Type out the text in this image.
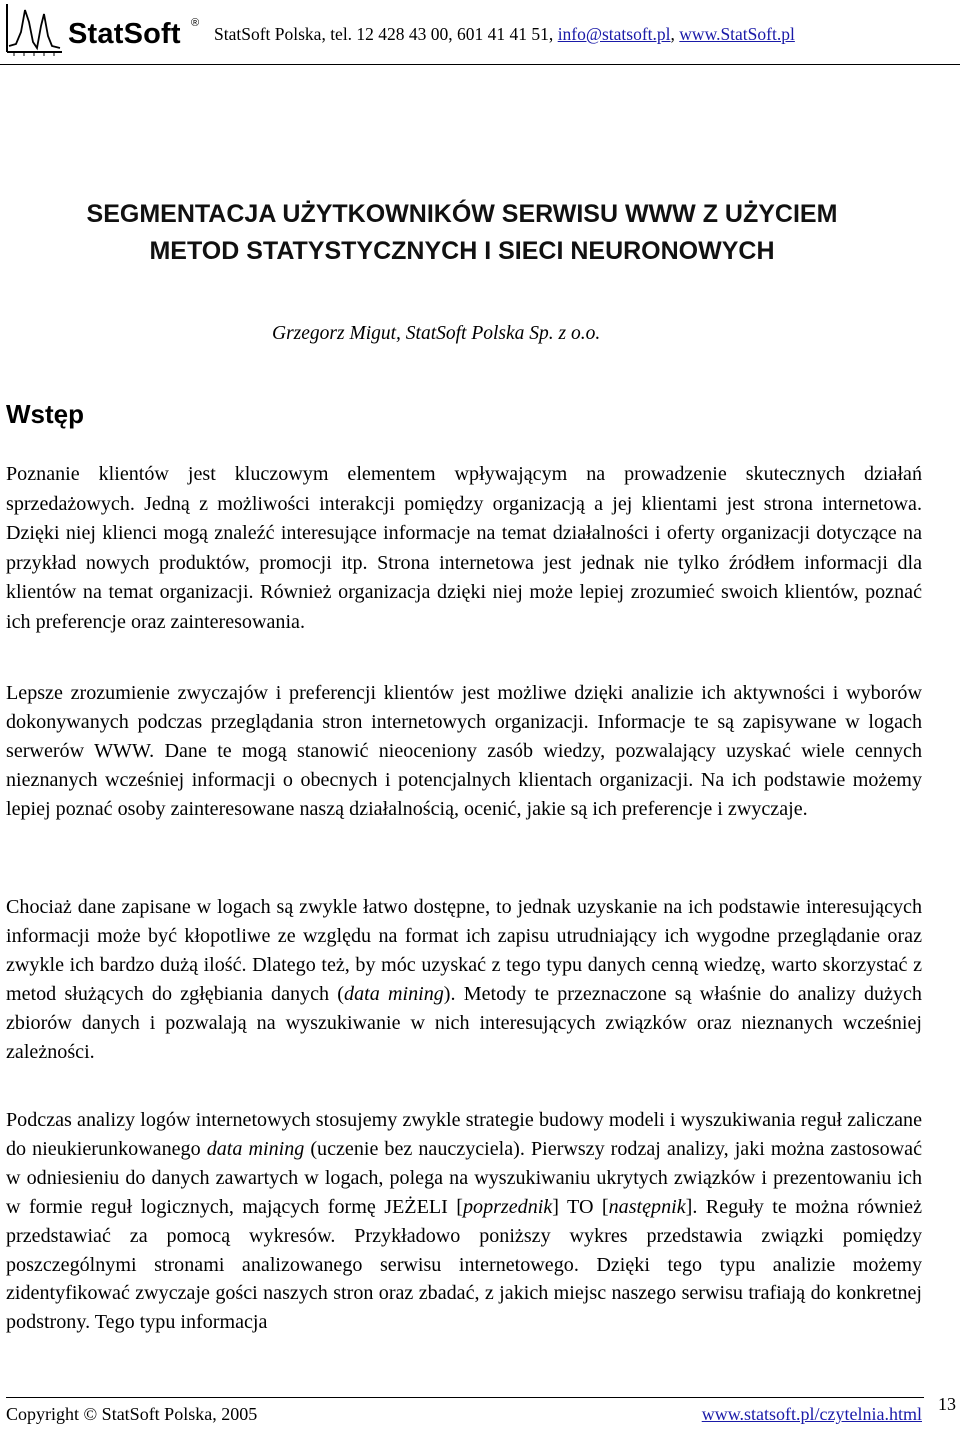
StatSoft ®
StatSoft Polska, tel. 12 428 43 00, 601 41 41 51, info@statsoft.pl, www.StatSoft.pl
SEGMENTACJA UŻYTKOWNIKÓW SERWISU WWW Z UŻYCIEM
METOD STATYSTYCZNYCH I SIECI NEURONOWYCH
Grzegorz Migut, StatSoft Polska Sp. z o.o.
Wstęp
Poznanie klientów jest kluczowym elementem wpływającym na prowadzenie skutecznych działań sprzedażowych. Jedną z możliwości interakcji pomiędzy organizacją a jej klientami jest strona internetowa. Dzięki niej klienci mogą znaleźć interesujące informacje na temat działalności i oferty organizacji dotyczące na przykład nowych produktów, promocji itp. Strona internetowa jest jednak nie tylko źródłem informacji dla klientów na temat organizacji. Również organizacja dzięki niej może lepiej zrozumieć swoich klientów, poznać ich preferencje oraz zainteresowania.
Lepsze zrozumienie zwyczajów i preferencji klientów jest możliwe dzięki analizie ich aktywności i wyborów dokonywanych podczas przeglądania stron internetowych organizacji. Informacje te są zapisywane w logach serwerów WWW. Dane te mogą stanowić nieoceniony zasób wiedzy, pozwalający uzyskać wiele cennych nieznanych wcześniej informacji o obecnych i potencjalnych klientach organizacji. Na ich podstawie możemy lepiej poznać osoby zainteresowane naszą działalnością, ocenić, jakie są ich preferencje i zwyczaje.
Chociaż dane zapisane w logach są zwykle łatwo dostępne, to jednak uzyskanie na ich podstawie interesujących informacji może być kłopotliwe ze względu na format ich zapisu utrudniający ich wygodne przeglądanie oraz zwykle ich bardzo dużą ilość. Dlatego też, by móc uzyskać z tego typu danych cenną wiedzę, warto skorzystać z metod służących do zgłębiania danych (data mining). Metody te przeznaczone są właśnie do analizy dużych zbiorów danych i pozwalają na wyszukiwanie w nich interesujących związków oraz nieznanych wcześniej zależności.
Podczas analizy logów internetowych stosujemy zwykle strategie budowy modeli i wyszukiwania reguł zaliczane do nieukierunkowanego data mining (uczenie bez nauczyciela). Pierwszy rodzaj analizy, jaki można zastosować w odniesieniu do danych zawartych w logach, polega na wyszukiwaniu ukrytych związków i prezentowaniu ich w formie reguł logicznych, mających formę JEŻELI [poprzednik] TO [następnik]. Reguły te można również przedstawiać za pomocą wykresów. Przykładowo poniższy wykres przedstawia związki pomiędzy poszczególnymi stronami analizowanego serwisu internetowego. Dzięki tego typu analizie możemy zidentyfikować zwyczaje gości naszych stron oraz zbadać, z jakich miejsc naszego serwisu trafiają do konkretnej podstrony. Tego typu informacja
Copyright © StatSoft Polska, 2005	www.statsoft.pl/czytelnia.html 13
